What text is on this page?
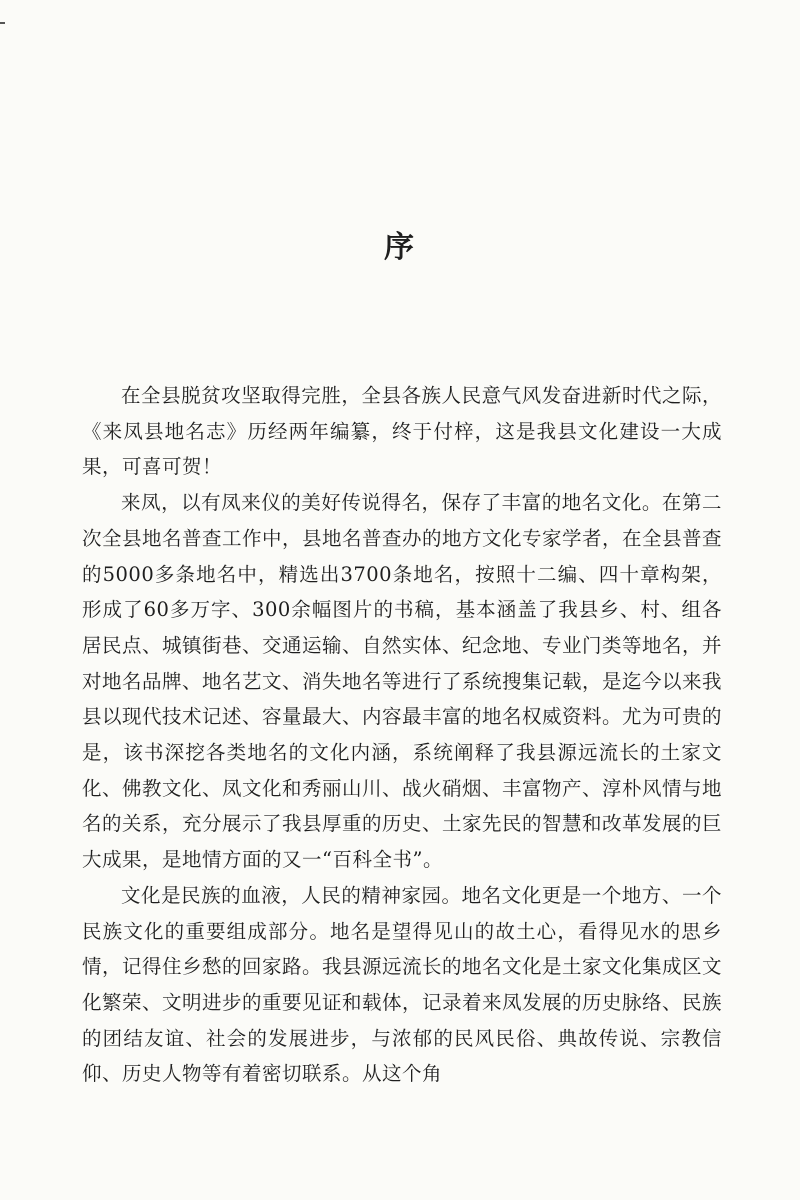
序

在全县脱贫攻坚取得完胜，全县各族人民意气风发奋进新时代之际，《来凤县地名志》历经两年编纂，终于付梓，这是我县文化建设一大成果，可喜可贺！

来凤，以有凤来仪的美好传说得名，保存了丰富的地名文化。在第二次全县地名普查工作中，县地名普查办的地方文化专家学者，在全县普查的5000多条地名中，精选出3700条地名，按照十二编、四十章构架，形成了60多万字、300余幅图片的书稿，基本涵盖了我县乡、村、组各居民点、城镇街巷、交通运输、自然实体、纪念地、专业门类等地名，并对地名品牌、地名艺文、消失地名等进行了系统搜集记载，是迄今以来我县以现代技术记述、容量最大、内容最丰富的地名权威资料。尤为可贵的是，该书深挖各类地名的文化内涵，系统阐释了我县源远流长的土家文化、佛教文化、凤文化和秀丽山川、战火硝烟、丰富物产、淳朴风情与地名的关系，充分展示了我县厚重的历史、土家先民的智慧和改革发展的巨大成果，是地情方面的又一“百科全书”。

文化是民族的血液，人民的精神家园。地名文化更是一个地方、一个民族文化的重要组成部分。地名是望得见山的故土心，看得见水的思乡情，记得住乡愁的回家路。我县源远流长的地名文化是土家文化集成区文化繁荣、文明进步的重要见证和载体，记录着来凤发展的历史脉络、民族的团结友谊、社会的发展进步，与浓郁的民风民俗、典故传说、宗教信仰、历史人物等有着密切联系。从这个角
